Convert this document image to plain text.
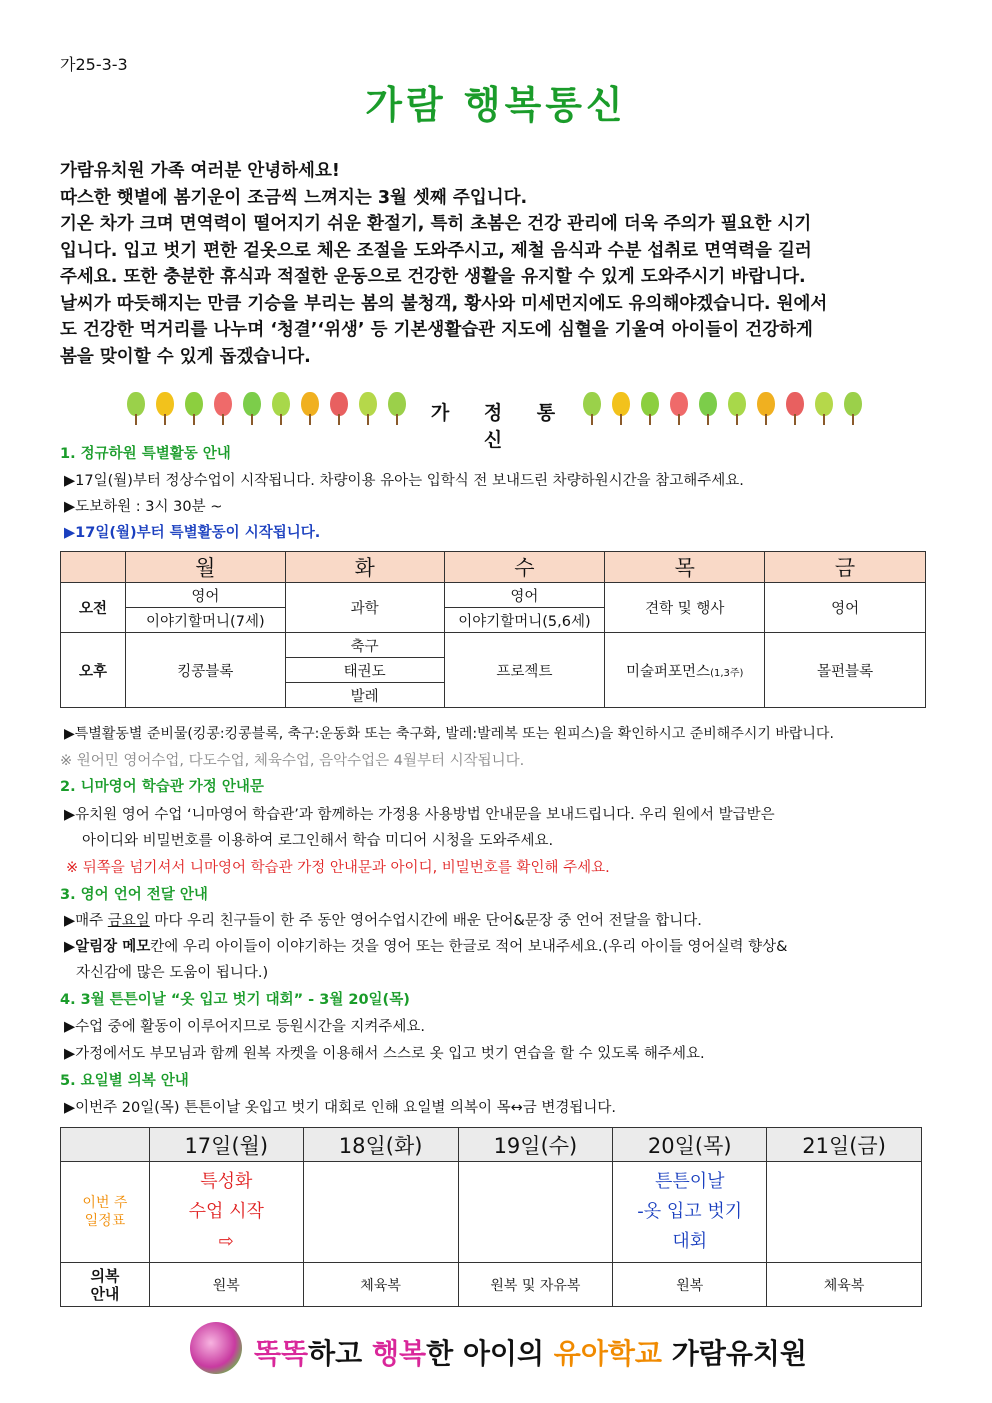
가25-3-3
가람 행복통신
가람유치원 가족 여러분 안녕하세요!
따스한 햇볕에 봄기운이 조금씩 느껴지는 3월 셋째 주입니다.
기온 차가 크며 면역력이 떨어지기 쉬운 환절기, 특히 초봄은 건강 관리에 더욱 주의가 필요한 시기
입니다. 입고 벗기 편한 겉옷으로 체온 조절을 도와주시고, 제철 음식과 수분 섭취로 면역력을 길러
주세요. 또한 충분한 휴식과 적절한 운동으로 건강한 생활을 유지할 수 있게 도와주시기 바랍니다.
날씨가 따듯해지는 만큼 기승을 부리는 봄의 불청객, 황사와 미세먼지에도 유의해야겠습니다. 원에서
도 건강한 먹거리를 나누며 ‘청결’‘위생’ 등 기본생활습관 지도에 심혈을 기울여 아이들이 건강하게
봄을 맞이할 수 있게 돕겠습니다.
가 정 통 신
1. 정규하원 특별활동 안내
▶17일(월)부터 정상수업이 시작됩니다. 차량이용 유아는 입학식 전 보내드린 차량하원시간을 참고해주세요.
▶도보하원 : 3시 30분 ~
▶17일(월)부터 특별활동이 시작됩니다.
	월	화	수	목	금
오전	영어	과학	영어	견학 및 행사	영어
	이야기할머니(7세)		이야기할머니(5,6세)		
오후	킹콩블록	축구	프로젝트	미술퍼포먼스(1,3주)	몰펀블록
		태권도			
		발레			
▶특별활동별 준비물(킹콩:킹콩블록, 축구:운동화 또는 축구화, 발레:발레복 또는 원피스)을 확인하시고 준비해주시기 바랍니다.
※ 원어민 영어수업, 다도수업, 체육수업, 음악수업은 4월부터 시작됩니다.
2. 니마영어 학습관 가정 안내문
▶유치원 영어 수업 ‘니마영어 학습관’과 함께하는 가정용 사용방법 안내문을 보내드립니다. 우리 원에서 발급받은
아이디와 비밀번호를 이용하여 로그인해서 학습 미디어 시청을 도와주세요.
※ 뒤쪽을 넘기셔서 니마영어 학습관 가정 안내문과 아이디, 비밀번호를 확인해 주세요.
3. 영어 언어 전달 안내
▶매주 금요일 마다 우리 친구들이 한 주 동안 영어수업시간에 배운 단어&문장 중 언어 전달을 합니다.
▶알림장 메모칸에 우리 아이들이 이야기하는 것을 영어 또는 한글로 적어 보내주세요.(우리 아이들 영어실력 향상&
자신감에 많은 도움이 됩니다.)
4. 3월 튼튼이날 “옷 입고 벗기 대회” - 3월 20일(목)
▶수업 중에 활동이 이루어지므로 등원시간을 지켜주세요.
▶가정에서도 부모님과 함께 원복 자켓을 이용해서 스스로 옷 입고 벗기 연습을 할 수 있도록 해주세요.
5. 요일별 의복 안내
▶이번주 20일(목) 튼튼이날 옷입고 벗기 대회로 인해 요일별 의복이 목↔금 변경됩니다.
	17일(월)	18일(화)	19일(수)	20일(목)	21일(금)
이번 주
일정표	특성화
수업 시작
⇨			튼튼이날
-옷 입고 벗기
대회	
의복
안내	원복	체육복	원복 및 자유복	원복	체육복
똑똑하고 행복한 아이의 유아학교 가람유치원
